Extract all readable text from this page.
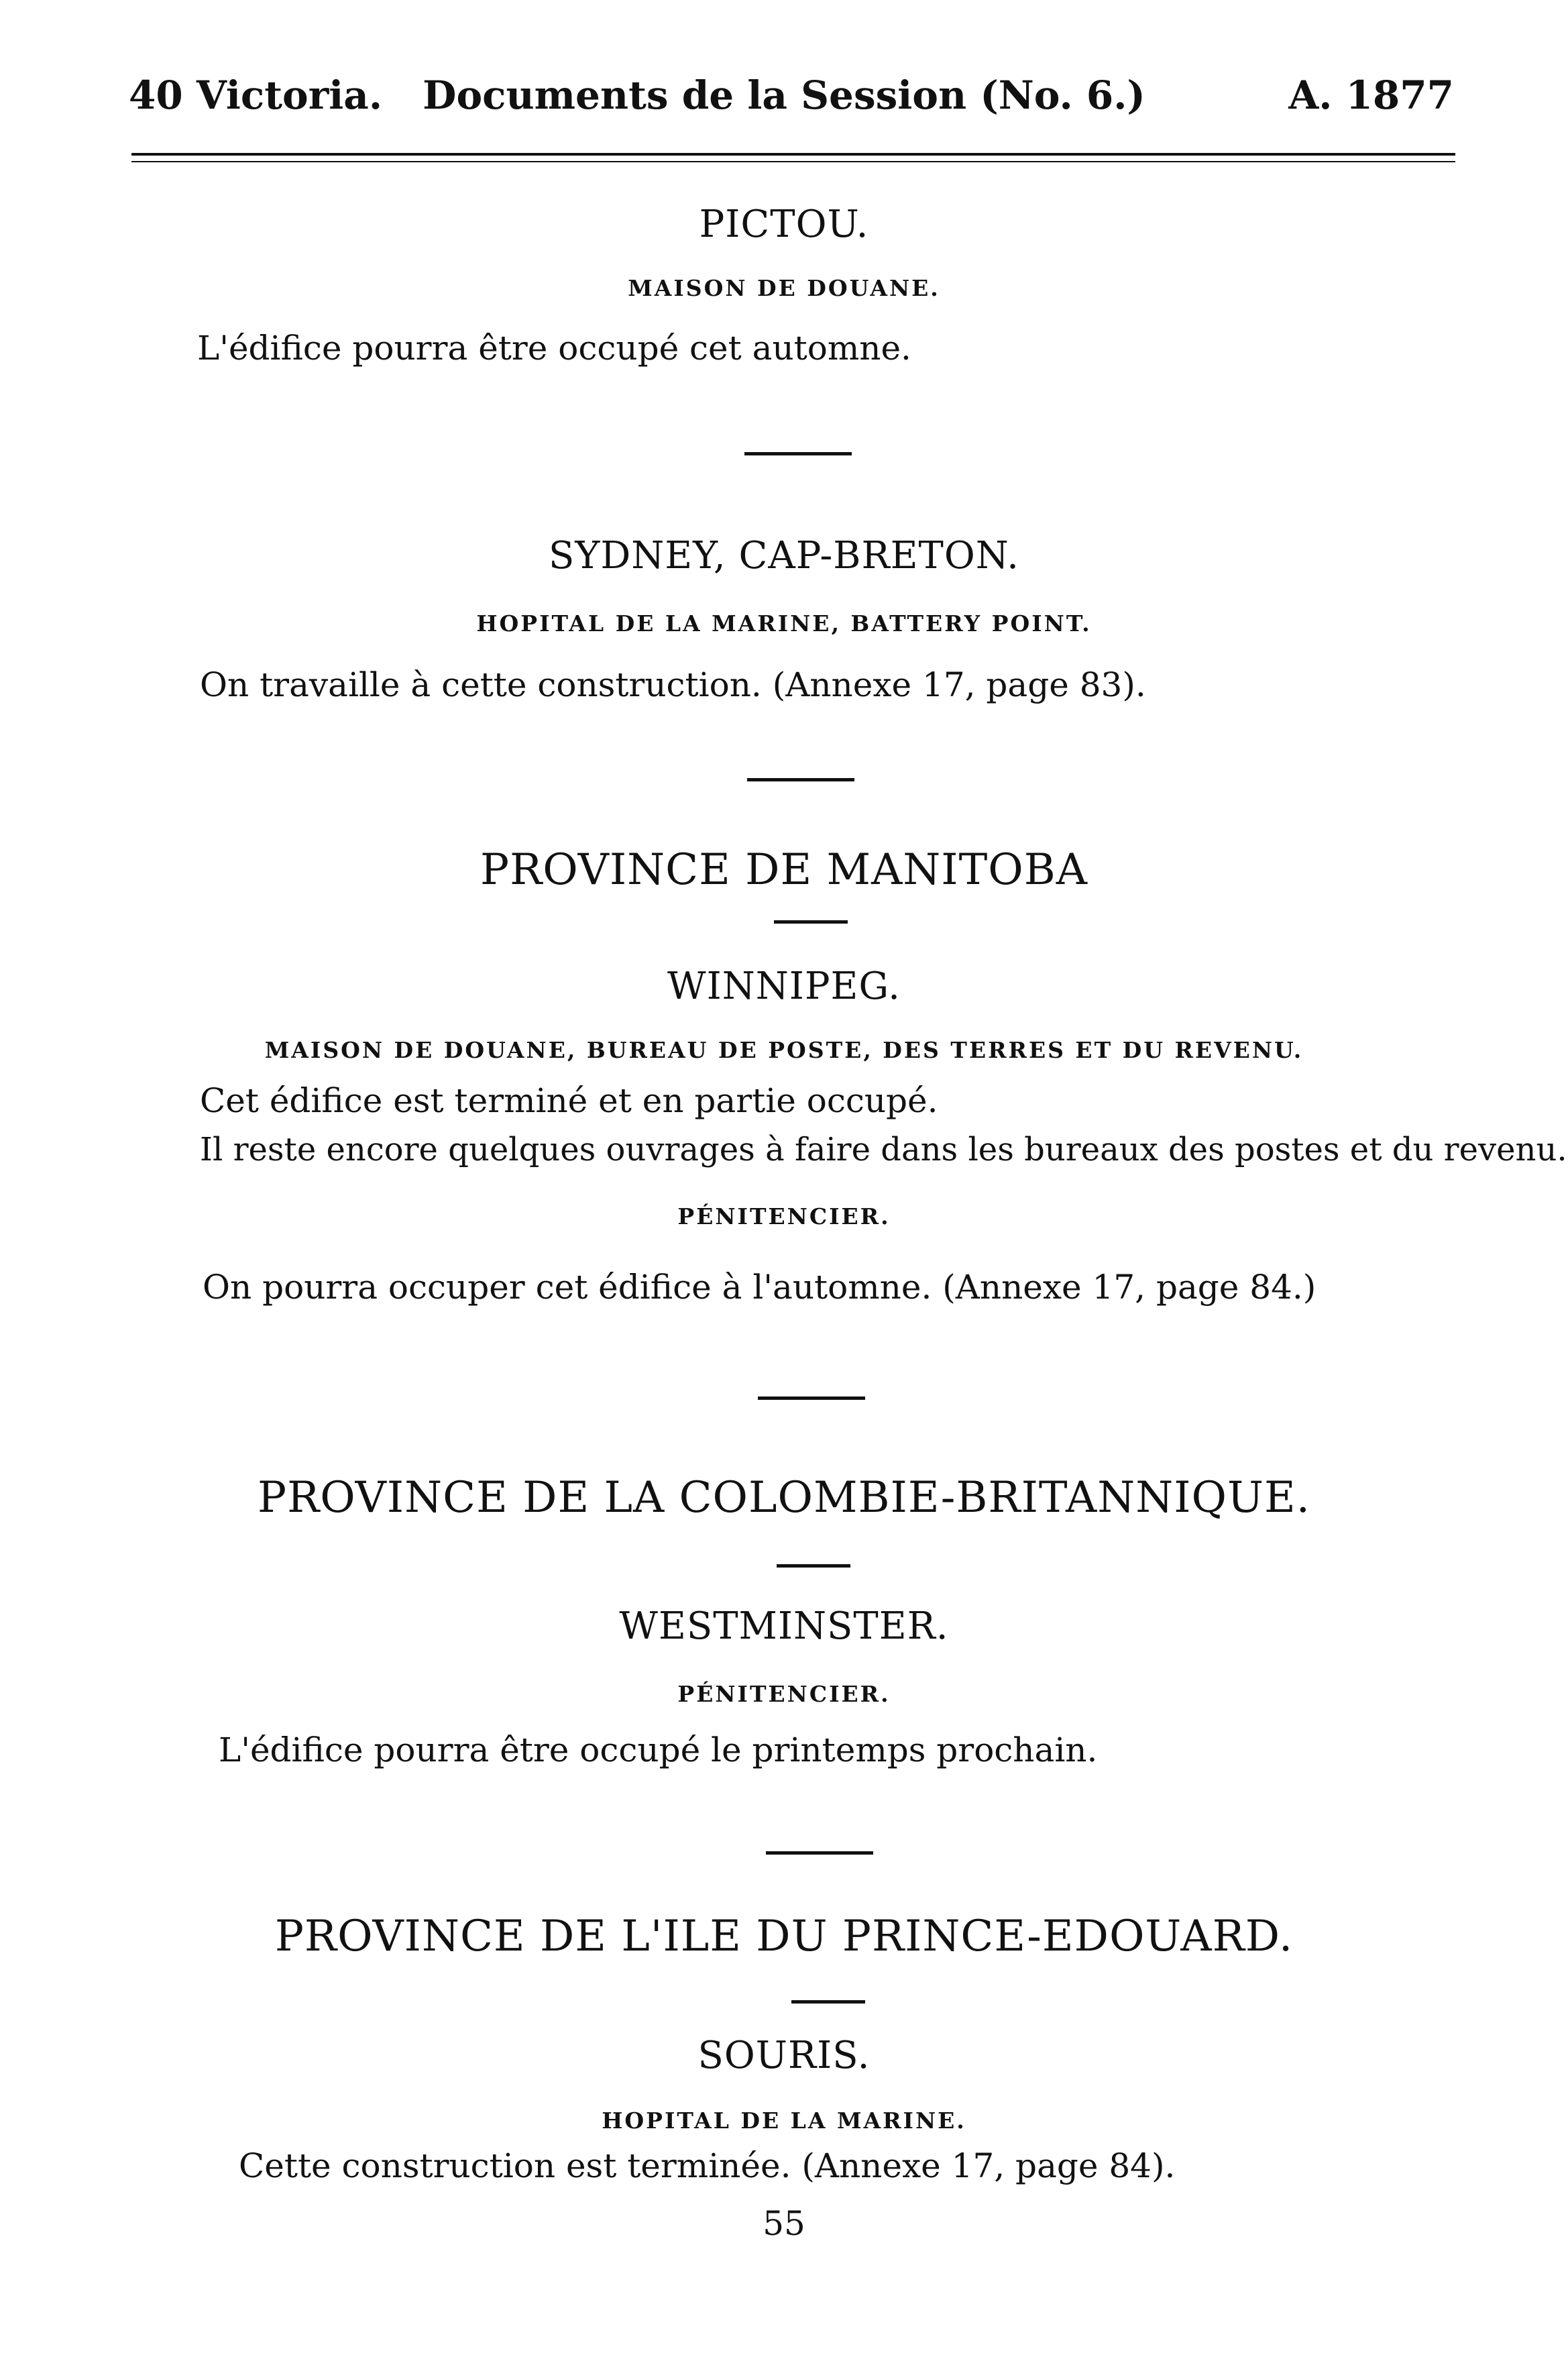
40 Victoria.	Documents de la Session (No. 6.)	A. 1877
PICTOU.
MAISON DE DOUANE.
L'édifice pourra être occupé cet automne.
SYDNEY, CAP-BRETON.
HOPITAL DE LA MARINE, BATTERY POINT.
On travaille à cette construction. (Annexe 17, page 83).
PROVINCE DE MANITOBA
WINNIPEG.
MAISON DE DOUANE, BUREAU DE POSTE, DES TERRES ET DU REVENU.
Cet édifice est terminé et en partie occupé.
Il reste encore quelques ouvrages à faire dans les bureaux des postes et du revenu.
PÉNITENCIER.
On pourra occuper cet édifice à l'automne. (Annexe 17, page 84.)
PROVINCE DE LA COLOMBIE-BRITANNIQUE.
WESTMINSTER.
PÉNITENCIER.
L'édifice pourra être occupé le printemps prochain.
PROVINCE DE L'ILE DU PRINCE-EDOUARD.
SOURIS.
HOPITAL DE LA MARINE.
Cette construction est terminée. (Annexe 17, page 84).
55
